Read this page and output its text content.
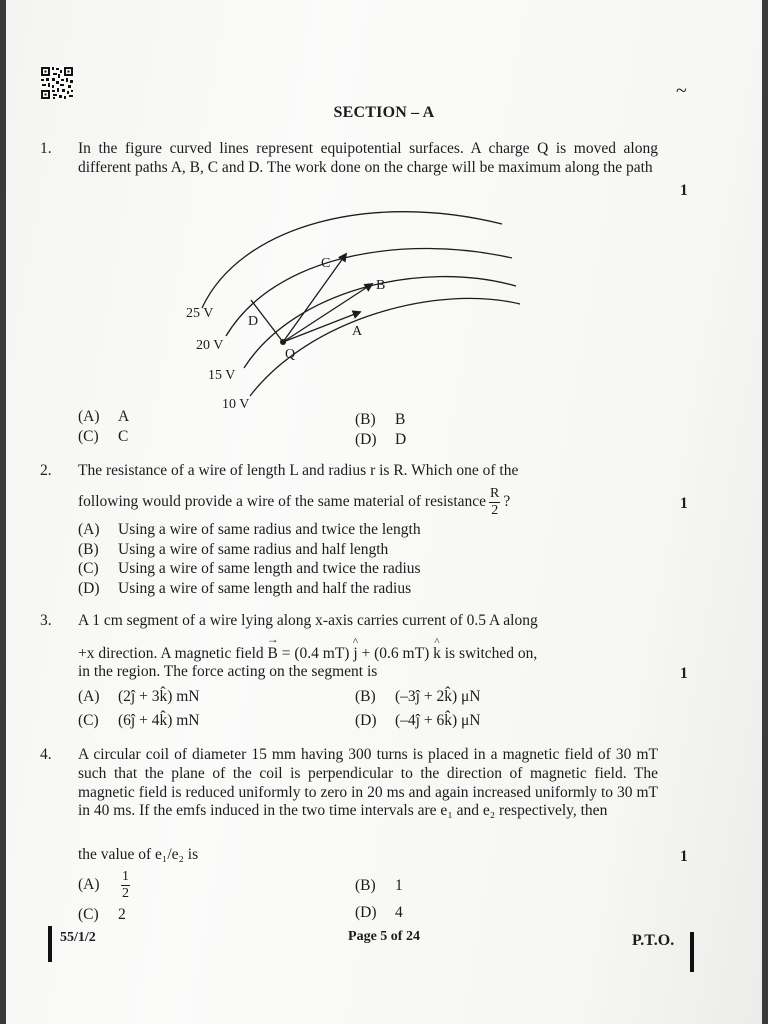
~
SECTION – A
1. In the figure curved lines represent equipotential surfaces. A charge Q is moved along different paths A, B, C and D. The work done on the charge will be maximum along the path
1
25 V
20 V
15 V
10 V
A
B
C
D
Q
(A) A	(B) B
(C) C	(D) D
2. The resistance of a wire of length L and radius r is R. Which one of the
following would provide a wire of the same material of resistance $\frac{R}{2}$ ?	1
(A) Using a wire of same radius and twice the length
(B) Using a wire of same radius and half length
(C) Using a wire of same length and twice the radius
(D) Using a wire of same length and half the radius
3. A 1 cm segment of a wire lying along x-axis carries current of 0.5 A along
+x direction. A magnetic field → B = (0.4 mT) ^ j + (0.6 mT) ^ k is switched on,
in the region. The force acting on the segment is	1
(A) (2ĵ + 3k̂) mN	(B) (–3ĵ + 2k̂) μN
(C) (6ĵ + 4k̂) mN	(D) (–4ĵ + 6k̂) μN
4. A circular coil of diameter 15 mm having 300 turns is placed in a magnetic field of 30 mT such that the plane of the coil is perpendicular to the direction of magnetic field. The magnetic field is reduced uniformly to zero in 20 ms and again increased uniformly to 30 mT in 40 ms. If the emfs induced in the two time intervals are e₁ and e₂ respectively, then
the value of e₁/e₂ is	1
(A)	$\frac{1}{2}$	(B) 1
(C) 2	(D) 4
55/1/2	Page 5 of 24	P.T.O.
